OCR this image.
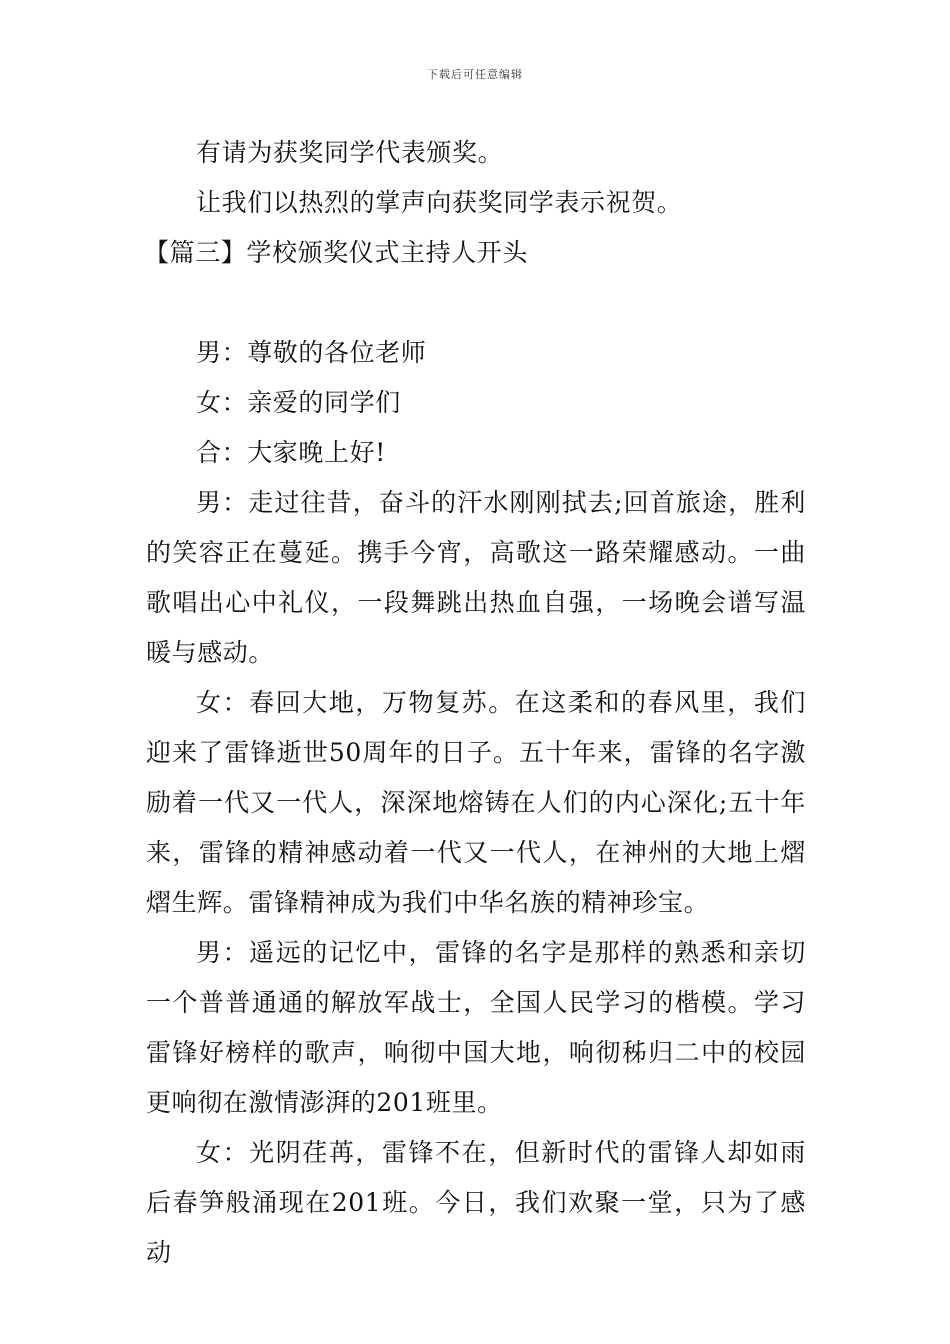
下载后可任意编辑

有请为获奖同学代表颁奖。

让我们以热烈的掌声向获奖同学表示祝贺。

【篇三】学校颁奖仪式主持人开头

男：尊敬的各位老师

女：亲爱的同学们

合：大家晚上好!

男：走过往昔，奋斗的汗水刚刚拭去;回首旅途，胜利的笑容正在蔓延。携手今宵，高歌这一路荣耀感动。一曲歌唱出心中礼仪，一段舞跳出热血自强，一场晚会谱写温暖与感动。

女：春回大地，万物复苏。在这柔和的春风里，我们迎来了雷锋逝世50周年的日子。五十年来，雷锋的名字激励着一代又一代人，深深地熔铸在人们的内心深化;五十年来，雷锋的精神感动着一代又一代人，在神州的大地上熠熠生辉。雷锋精神成为我们中华名族的精神珍宝。

男：遥远的记忆中，雷锋的名字是那样的熟悉和亲切一个普普通通的解放军战士，全国人民学习的楷模。学习雷锋好榜样的歌声，响彻中国大地，响彻秭归二中的校园更响彻在激情澎湃的201班里。

女：光阴荏苒，雷锋不在，但新时代的雷锋人却如雨后春笋般涌现在201班。今日，我们欢聚一堂，只为了感动
